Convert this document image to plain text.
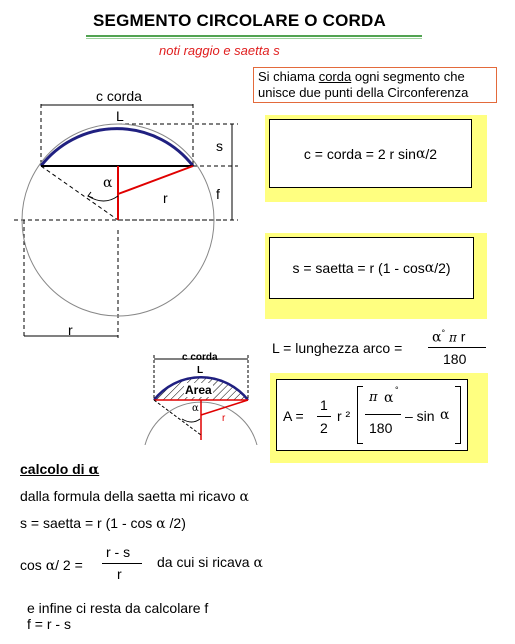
SEGMENTO CIRCOLARE O CORDA
noti raggio e saetta s
Si chiama corda ogni segmento che unisce due punti della Circonferenza
c corda
L
s
f
r
α
r
c = corda = 2 r sin α /2
s = saetta = r (1 - cos α /2)
L = lunghezza arco =
α° π r
180
c corda
L
Area
α
r	A =
1
2
r ²
π α °
180
– sin α
calcolo di α
dalla formula della saetta mi ricavo α
s = saetta = r (1 - cos α /2)
cos α/ 2 =
r - s
r
da cui si ricava α
e infine ci resta da calcolare f
f = r - s
